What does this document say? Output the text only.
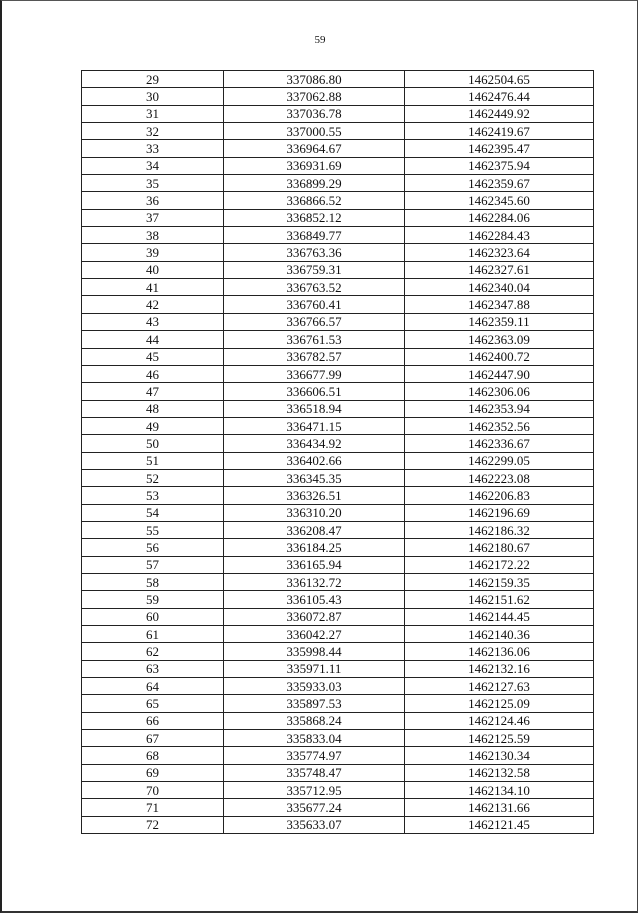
59
29	337086.80	1462504.65
30	337062.88	1462476.44
31	337036.78	1462449.92
32	337000.55	1462419.67
33	336964.67	1462395.47
34	336931.69	1462375.94
35	336899.29	1462359.67
36	336866.52	1462345.60
37	336852.12	1462284.06
38	336849.77	1462284.43
39	336763.36	1462323.64
40	336759.31	1462327.61
41	336763.52	1462340.04
42	336760.41	1462347.88
43	336766.57	1462359.11
44	336761.53	1462363.09
45	336782.57	1462400.72
46	336677.99	1462447.90
47	336606.51	1462306.06
48	336518.94	1462353.94
49	336471.15	1462352.56
50	336434.92	1462336.67
51	336402.66	1462299.05
52	336345.35	1462223.08
53	336326.51	1462206.83
54	336310.20	1462196.69
55	336208.47	1462186.32
56	336184.25	1462180.67
57	336165.94	1462172.22
58	336132.72	1462159.35
59	336105.43	1462151.62
60	336072.87	1462144.45
61	336042.27	1462140.36
62	335998.44	1462136.06
63	335971.11	1462132.16
64	335933.03	1462127.63
65	335897.53	1462125.09
66	335868.24	1462124.46
67	335833.04	1462125.59
68	335774.97	1462130.34
69	335748.47	1462132.58
70	335712.95	1462134.10
71	335677.24	1462131.66
72	335633.07	1462121.45
